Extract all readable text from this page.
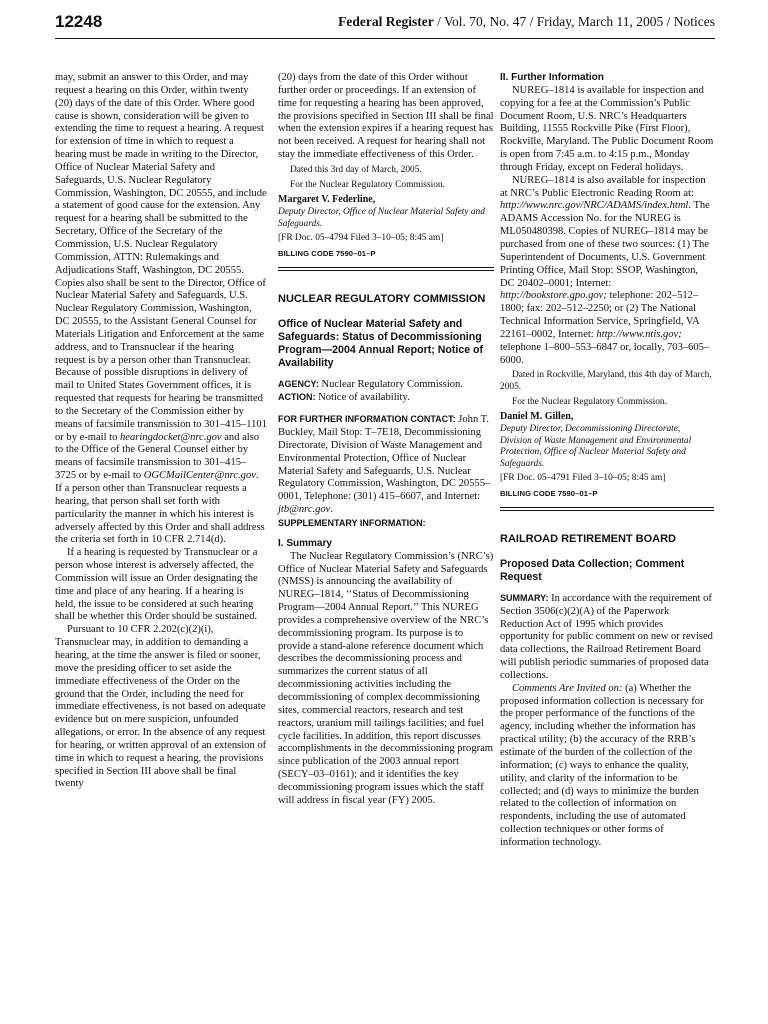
12248	Federal Register / Vol. 70, No. 47 / Friday, March 11, 2005 / Notices

may, submit an answer to this Order, and may request a hearing on this Order, within twenty (20) days of the date of this Order. Where good cause is shown, consideration will be given to extending the time to request a hearing. A request for extension of time in which to request a hearing must be made in writing to the Director, Office of Nuclear Material Safety and Safeguards, U.S. Nuclear Regulatory Commission, Washington, DC 20555, and include a statement of good cause for the extension. Any request for a hearing shall be submitted to the Secretary, Office of the Secretary of the Commission, U.S. Nuclear Regulatory Commission, ATTN: Rulemakings and Adjudications Staff, Washington, DC 20555. Copies also shall be sent to the Director, Office of Nuclear Material Safety and Safeguards, U.S. Nuclear Regulatory Commission, Washington, DC 20555, to the Assistant General Counsel for Materials Litigation and Enforcement at the same address, and to Transnuclear if the hearing request is by a person other than Transnuclear. Because of possible disruptions in delivery of mail to United States Government offices, it is requested that requests for hearing be transmitted to the Secretary of the Commission either by means of facsimile transmission to 301–415–1101 or by e-mail to hearingdocket@nrc.gov and also to the Office of the General Counsel either by means of facsimile transmission to 301–415–3725 or by e-mail to OGCMailCenter@nrc.gov. If a person other than Transnuclear requests a hearing, that person shall set forth with particularity the manner in which his interest is adversely affected by this Order and shall address the criteria set forth in 10 CFR 2.714(d).

If a hearing is requested by Transnuclear or a person whose interest is adversely affected, the Commission will issue an Order designating the time and place of any hearing. If a hearing is held, the issue to be considered at such hearing shall be whether this Order should be sustained.

Pursuant to 10 CFR 2.202(c)(2)(i), Transnuclear may, in addition to demanding a hearing, at the time the answer is filed or sooner, move the presiding officer to set aside the immediate effectiveness of the Order on the ground that the Order, including the need for immediate effectiveness, is not based on adequate evidence but on mere suspicion, unfounded allegations, or error. In the absence of any request for hearing, or written approval of an extension of time in which to request a hearing, the provisions specified in Section III above shall be final twenty

(20) days from the date of this Order without further order or proceedings. If an extension of time for requesting a hearing has been approved, the provisions specified in Section III shall be final when the extension expires if a hearing request has not been received. A request for hearing shall not stay the immediate effectiveness of this Order.

Dated this 3rd day of March, 2005.

For the Nuclear Regulatory Commission.

Margaret V. Federline,

Deputy Director, Office of Nuclear Material Safety and Safeguards.

[FR Doc. 05–4794 Filed 3–10–05; 8:45 am]

BILLING CODE 7590–01–P

NUCLEAR REGULATORY COMMISSION

Office of Nuclear Material Safety and Safeguards: Status of Decommissioning Program—2004 Annual Report; Notice of Availability

AGENCY: Nuclear Regulatory Commission.

ACTION: Notice of availability.

FOR FURTHER INFORMATION CONTACT: John T. Buckley, Mail Stop: T–7E18, Decommissioning Directorate, Division of Waste Management and Environmental Protection, Office of Nuclear Material Safety and Safeguards, U.S. Nuclear Regulatory Commission, Washington, DC 20555–0001, Telephone: (301) 415–6607, and Internet: jtb@nrc.gov.

SUPPLEMENTARY INFORMATION:

I. Summary

The Nuclear Regulatory Commission’s (NRC’s) Office of Nuclear Material Safety and Safeguards (NMSS) is announcing the availability of NUREG–1814, ‘‘Status of Decommissioning Program—2004 Annual Report.’’ This NUREG provides a comprehensive overview of the NRC’s decommissioning program. Its purpose is to provide a stand-alone reference document which describes the decommissioning process and summarizes the current status of all decommissioning activities including the decommissioning of complex decommissioning sites, commercial reactors, research and test reactors, uranium mill tailings facilities; and fuel cycle facilities. In addition, this report discusses accomplishments in the decommissioning program since publication of the 2003 annual report (SECY–03–0161); and it identifies the key decommissioning program issues which the staff will address in fiscal year (FY) 2005.

II. Further Information

NUREG–1814 is available for inspection and copying for a fee at the Commission’s Public Document Room, U.S. NRC’s Headquarters Building, 11555 Rockville Pike (First Floor), Rockville, Maryland. The Public Document Room is open from 7:45 a.m. to 4:15 p.m., Monday through Friday, except on Federal holidays.

NUREG–1814 is also available for inspection at NRC’s Public Electronic Reading Room at: http://www.nrc.gov/NRC/ADAMS/index.html. The ADAMS Accession No. for the NUREG is ML050480398. Copies of NUREG–1814 may be purchased from one of these two sources: (1) The Superintendent of Documents, U.S. Government Printing Office, Mail Stop: SSOP, Washington, DC 20402–0001; Internet: http://bookstore.gpo.gov; telephone: 202–512–1800; fax: 202–512–2250; or (2) The National Technical Information Service, Springfield, VA 22161–0002, Internet: http://www.ntis.gov; telephone 1–800–553–6847 or, locally, 703–605–6000.

Dated in Rockville, Maryland, this 4th day of March, 2005.

For the Nuclear Regulatory Commission.

Daniel M. Gillen,

Deputy Director, Decommissioning Directorate, Division of Waste Management and Environmental Protection, Office of Nuclear Material Safety and Safeguards.

[FR Doc. 05–4791 Filed 3–10–05; 8:45 am]

BILLING CODE 7590–01–P

RAILROAD RETIREMENT BOARD

Proposed Data Collection; Comment Request

SUMMARY: In accordance with the requirement of Section 3506(c)(2)(A) of the Paperwork Reduction Act of 1995 which provides opportunity for public comment on new or revised data collections, the Railroad Retirement Board will publish periodic summaries of proposed data collections.

Comments Are Invited on: (a) Whether the proposed information collection is necessary for the proper performance of the functions of the agency, including whether the information has practical utility; (b) the accuracy of the RRB’s estimate of the burden of the collection of the information; (c) ways to enhance the quality, utility, and clarity of the information to be collected; and (d) ways to minimize the burden related to the collection of information on respondents, including the use of automated collection techniques or other forms of information technology.
